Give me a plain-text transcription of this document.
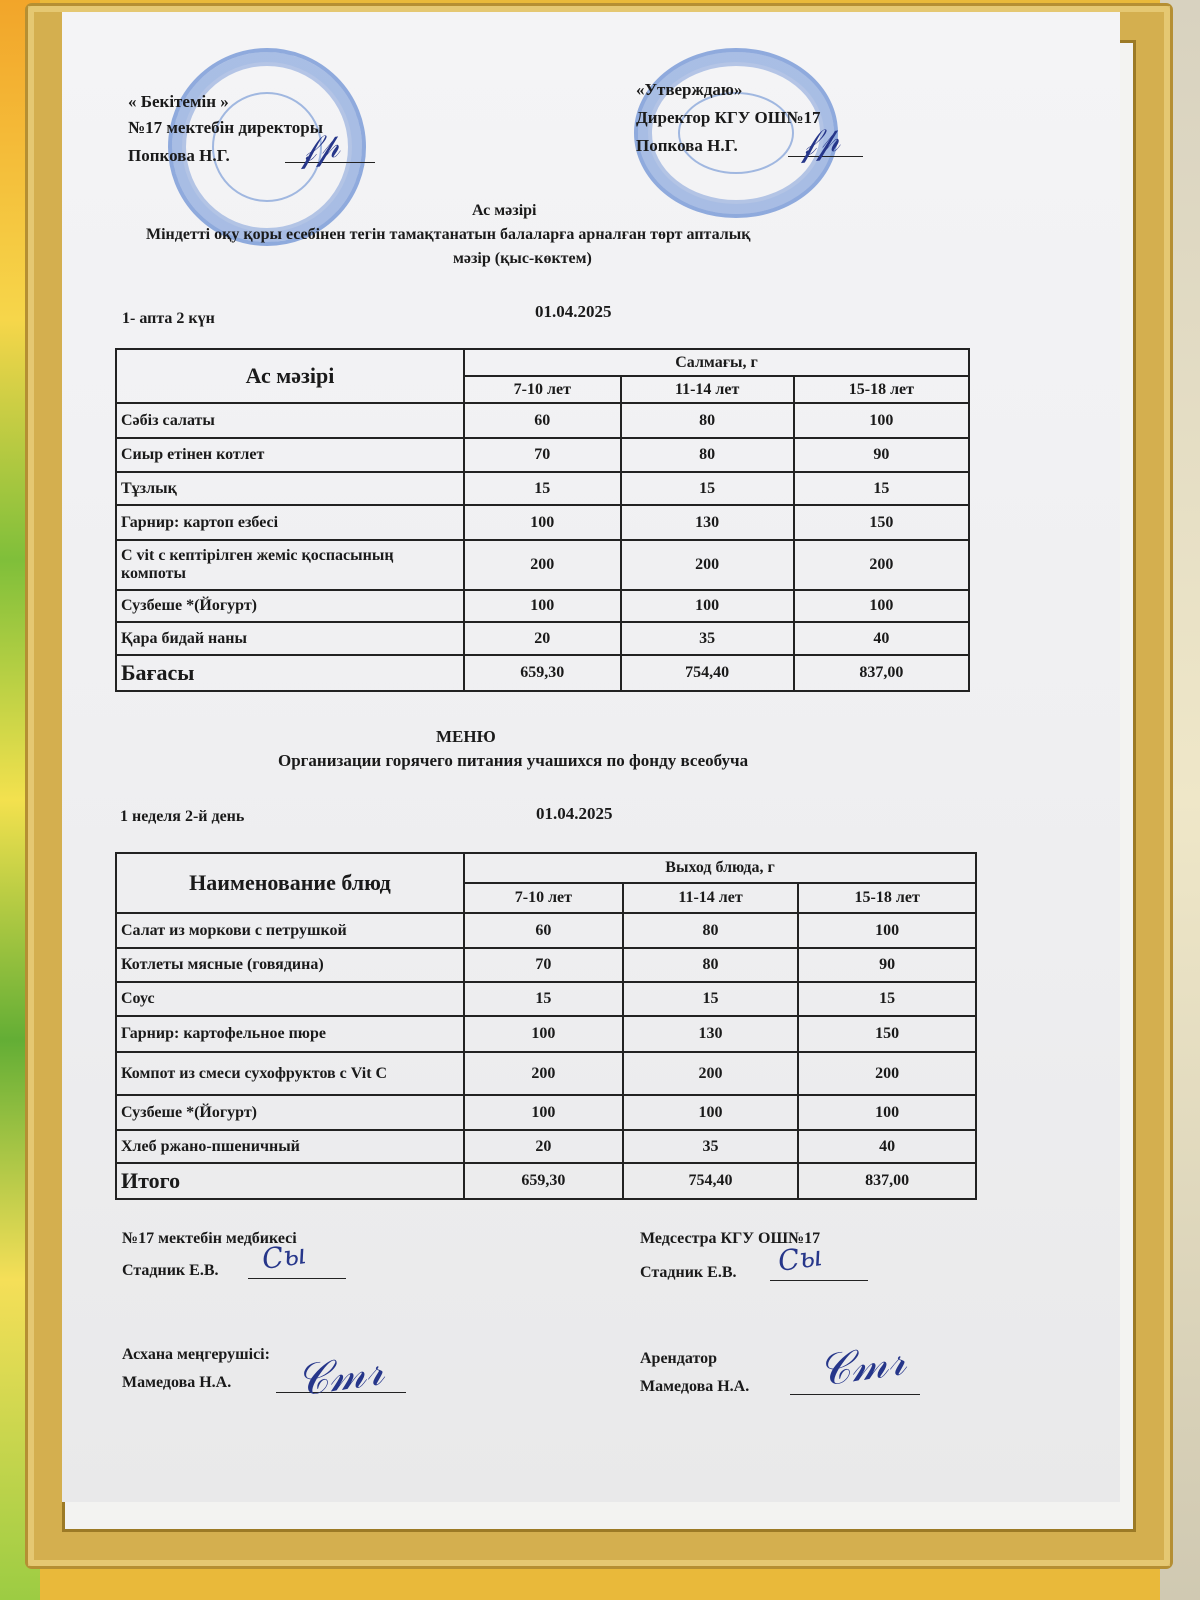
« Бекітемін »
№17 мектебін директоры
Попкова Н.Г. 𝒻𝓅
«Утверждаю»
Директор КГУ ОШ№17
Попкова Н.Г. 𝒻𝓅
Ас мәзірі
Міндетті оқу қоры есебінен тегін тамақтанатын балаларға арналған төрт апталық
мәзір (қыс-көктем)
1- апта 2 күн	01.04.2025
Ас мәзірі	Салмағы, г		
	7-10 лет	11-14 лет	15-18 лет
Сәбіз салаты	60	80	100
Сиыр етінен котлет	70	80	90
Тұзлық	15	15	15
Гарнир: картоп езбесі	100	130	150
C vit с кептірілген жеміс қоспасының компоты	200	200	200
Сузбеше *(Йогурт)	100	100	100
Қара бидай наны	20	35	40
Бағасы	659,30	754,40	837,00
МЕНЮ
Организации горячего питания учашихся по фонду всеобуча
1 неделя 2-й день	01.04.2025
Наименование блюд	Выход блюда, г		
	7-10 лет	11-14 лет	15-18 лет
Салат из моркови с петрушкой	60	80	100
Котлеты мясные (говядина)	70	80	90
Соус	15	15	15
Гарнир: картофельное пюре	100	130	150
Компот из смеси сухофруктов с Vit C	200	200	200
Сузбеше *(Йогурт)	100	100	100
Хлеб ржано-пшеничный	20	35	40
Итого	659,30	754,40	837,00
№17 мектебін медбикесі
Стадник Е.В. Cы	Медсестра КГУ ОШ№17
Стадник Е.В. Cы
Асхана меңгерушісі:
Мамедова Н.А. 𝒞𝓂𝓇	Арендатор
Мамедова Н.А. 𝒞𝓂𝓇
